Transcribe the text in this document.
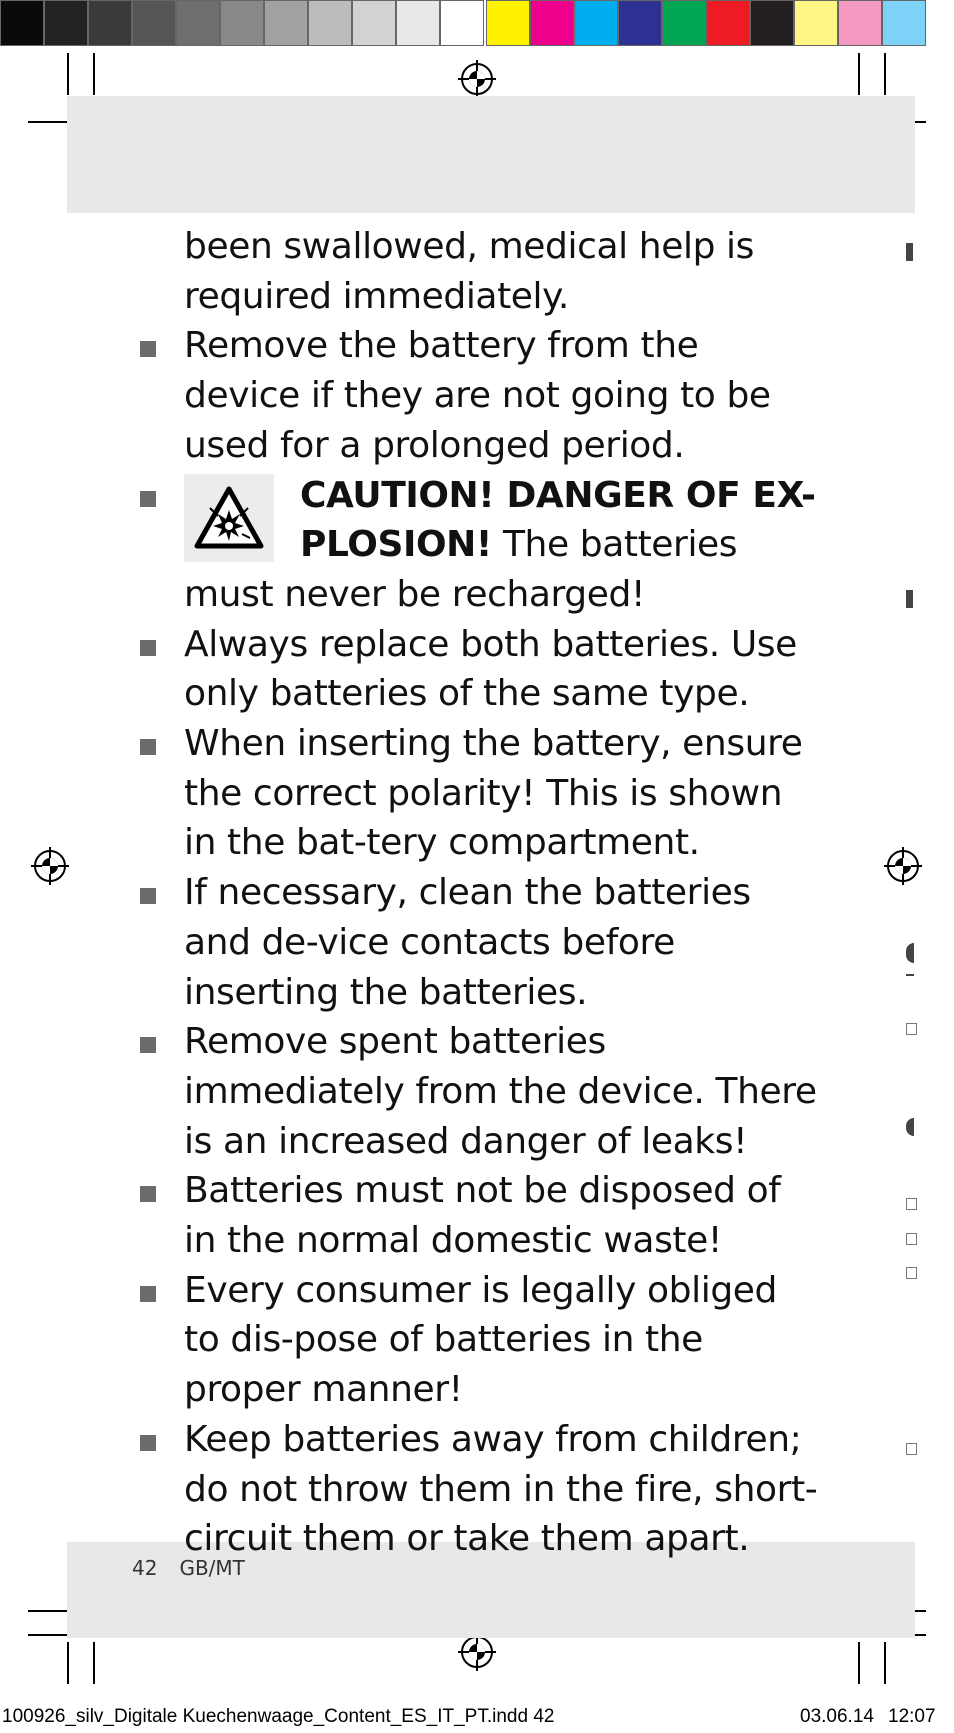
been swallowed, medical help is required immediately.
Remove the battery from the device if they are not going to be used for a prolonged period.
CAUTION! DANGER OF EX-PLOSION! The batteries must never be recharged!
Always replace both batteries. Use only batteries of the same type.
When inserting the battery, ensure the correct polarity! This is shown in the bat-tery compartment.
If necessary, clean the batteries and de-vice contacts before inserting the batteries.
Remove spent batteries immediately from the device. There is an increased danger of leaks!
Batteries must not be disposed of in the normal domestic waste!
Every consumer is legally obliged to dis-pose of batteries in the proper manner!
Keep batteries away from children; do not throw them in the fire, short-circuit them or take them apart.
42 GB/MT
100926_silv_Digitale Kuechenwaage_Content_ES_IT_PT.indd 42	03.06.14 12:07
